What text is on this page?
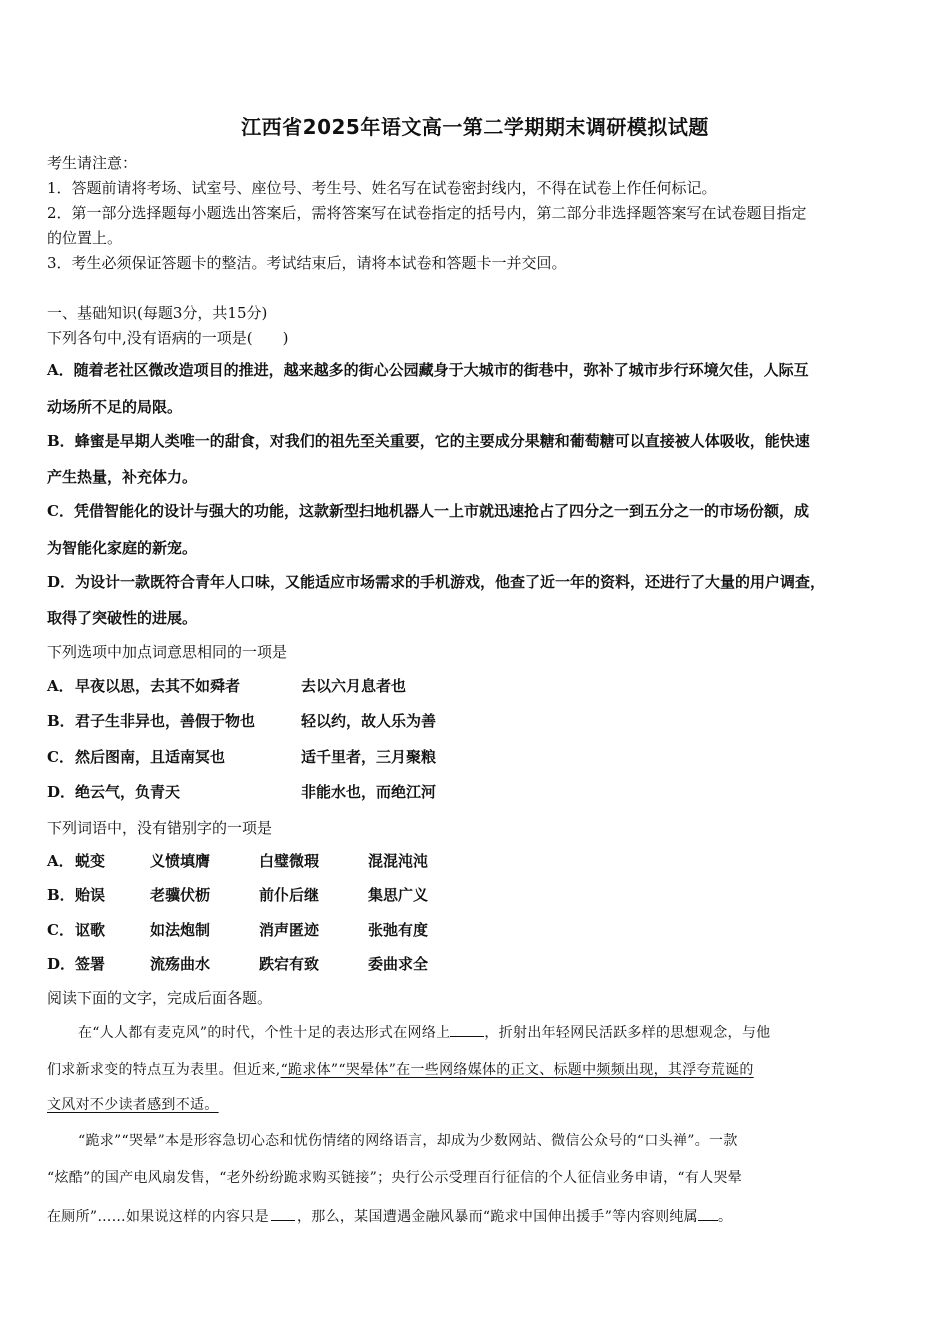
江西省2025年语文高一第二学期期末调研模拟试题
考生请注意：
1．答题前请将考场、试室号、座位号、考生号、姓名写在试卷密封线内，不得在试卷上作任何标记。
2．第一部分选择题每小题选出答案后，需将答案写在试卷指定的括号内，第二部分非选择题答案写在试卷题目指定
的位置上。
3．考生必须保证答题卡的整洁。考试结束后，请将本试卷和答题卡一并交回。
一、基础知识(每题3分，共15分)
下列各句中,没有语病的一项是(　　)
A．随着老社区微改造项目的推进，越来越多的街心公园藏身于大城市的街巷中，弥补了城市步行环境欠佳，人际互
动场所不足的局限。
B．蜂蜜是早期人类唯一的甜食，对我们的祖先至关重要，它的主要成分果糖和葡萄糖可以直接被人体吸收，能快速
产生热量，补充体力。
C．凭借智能化的设计与强大的功能，这款新型扫地机器人一上市就迅速抢占了四分之一到五分之一的市场份额，成
为智能化家庭的新宠。
D．为设计一款既符合青年人口味，又能适应市场需求的手机游戏，他查了近一年的资料，还进行了大量的用户调查，
取得了突破性的进展。
下列选项中加点词意思相同的一项是
A． 早夜以思，去其不如舜者	去以六月息者也
B． 君子生非异也，善假于物也	轻以约，故人乐为善
C． 然后图南，且适南冥也	适千里者，三月聚粮
D． 绝云气，负青天	非能水也，而绝江河
下列词语中，没有错别字的一项是
A． 蜕变	义愤填膺	白璧微瑕	混混沌沌
B． 贻误	老骥伏枥	前仆后继	集思广义
C． 讴歌	如法炮制	消声匿迹	张弛有度
D． 签署	流殇曲水	跌宕有致	委曲求全
阅读下面的文字，完成后面各题。
在“人人都有麦克风”的时代，个性十足的表达形式在网络上 ，折射出年轻网民活跃多样的思想观念，与他
们求新求变的特点互为表里。但近来,“跪求体”“哭晕体”在一些网络媒体的正文、标题中频频出现，其浮夸荒诞的
文风对不少读者感到不适。
“跪求”“哭晕”本是形容急切心态和忧伤情绪的网络语言，却成为少数网站、微信公众号的“口头禅”。一款
“炫酷”的国产电风扇发售，“老外纷纷跪求购买链接”；央行公示受理百行征信的个人征信业务申请，“有人哭晕
在厕所”……如果说这样的内容只是 ，那么，某国遭遇金融风暴而“跪求中国伸出援手”等内容则纯属 。
